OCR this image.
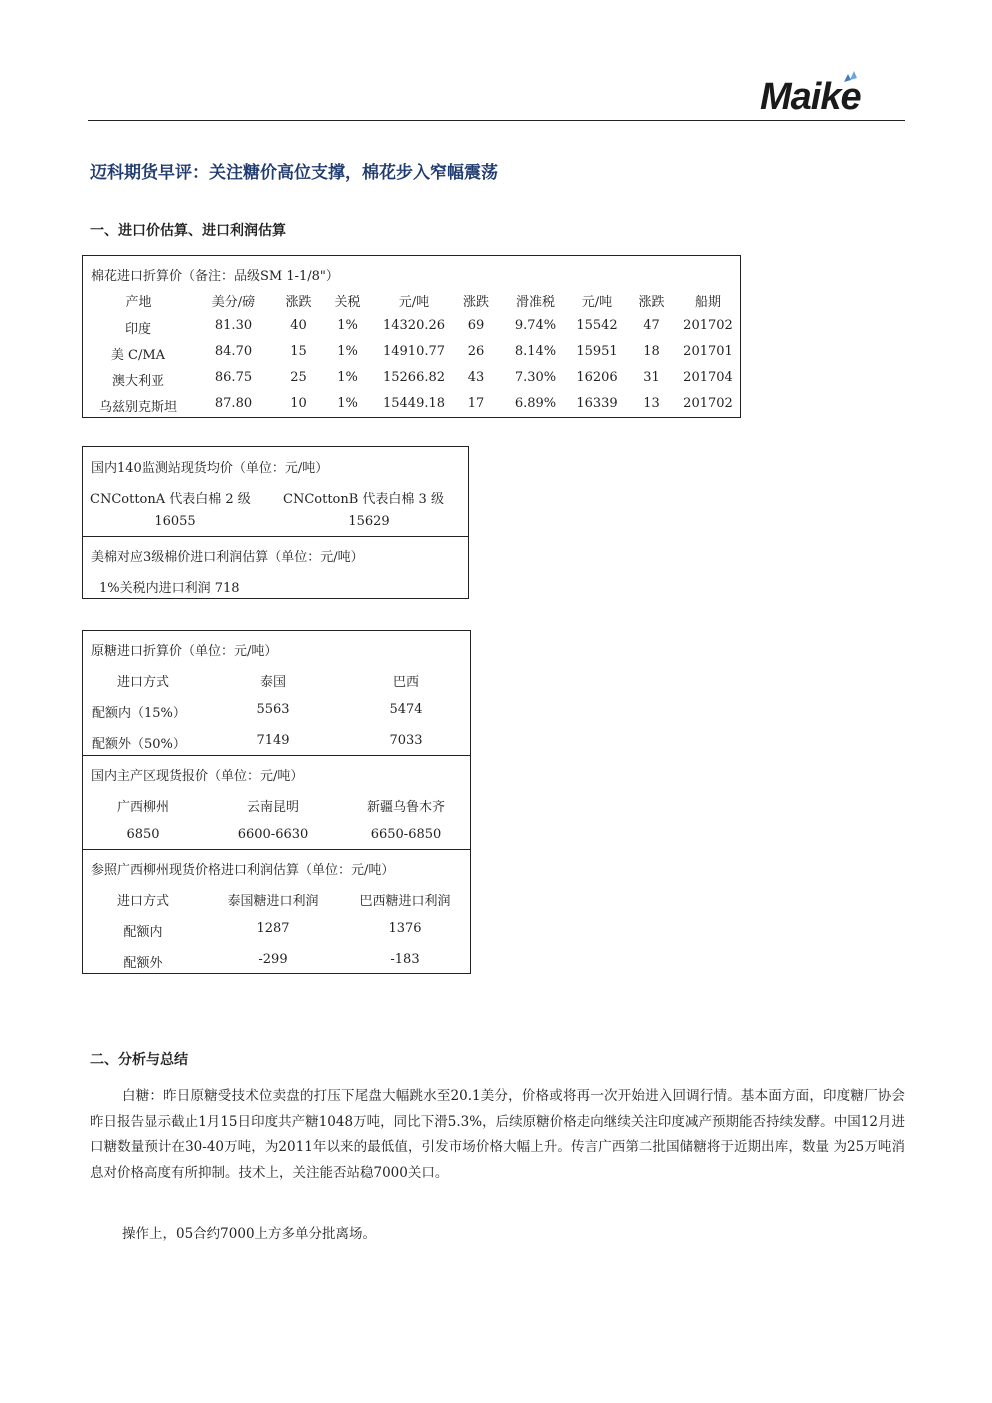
Maike
迈科期货早评：关注糖价高位支撑，棉花步入窄幅震荡
一、进口价估算、进口利润估算
棉花进口折算价（备注：品级SM 1-1/8"）
产地	美分/磅	涨跌	关税	元/吨	涨跌	滑准税	元/吨	涨跌	船期
印度	81.30	40	1%	14320.26	69	9.74%	15542	47	201702
美 C/MA	84.70	15	1%	14910.77	26	8.14%	15951	18	201701
澳大利亚	86.75	25	1%	15266.82	43	7.30%	16206	31	201704
乌兹别克斯坦	87.80	10	1%	15449.18	17	6.89%	16339	13	201702
国内140监测站现货均价（单位：元/吨）
CNCottonA 代表白棉 2 级 CNCottonB 代表白棉 3 级
16055	15629
美棉对应3级棉价进口利润估算（单位：元/吨）
1%关税内进口利润 718
原糖进口折算价（单位：元/吨）
进口方式	泰国	巴西
配额内（15%）	5563	5474
配额外（50%）	7149	7033
国内主产区现货报价（单位：元/吨）
广西柳州	云南昆明	新疆乌鲁木齐
6850	6600-6630	6650-6850
参照广西柳州现货价格进口利润估算（单位：元/吨）
进口方式	泰国糖进口利润	巴西糖进口利润
配额内	1287	1376
配额外	-299	-183
二、分析与总结
白糖：昨日原糖受技术位卖盘的打压下尾盘大幅跳水至20.1美分，价格或将再一次开始进入回调行情。基本面方面，印度糖厂协会昨日报告显示截止1月15日印度共产糖1048万吨，同比下滑5.3%，后续原糖价格走向继续关注印度减产预期能否持续发酵。中国12月进口糖数量预计在30-40万吨，为2011年以来的最低值，引发市场价格大幅上升。传言广西第二批国储糖将于近期出库，数量 为25万吨消息对价格高度有所抑制。技术上，关注能否站稳7000关口。
操作上，05合约7000上方多单分批离场。
